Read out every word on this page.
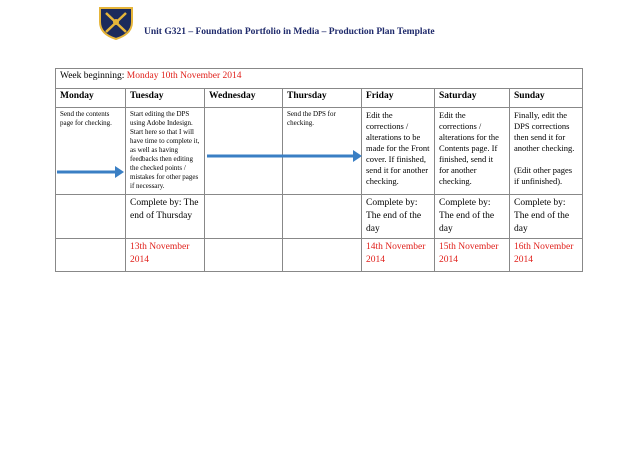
Unit G321 – Foundation Portfolio in Media – Production Plan Template
Week beginning: Monday 10th November 2014						
Monday	Tuesday	Wednesday	Thursday	Friday	Saturday	Sunday
Send the contents page for checking.	Start editing the DPS using Adobe Indesign. Start here so that I will have time to complete it, as well as having feedbacks then editing the checked points / mistakes for other pages if necessary.		Send the DPS for checking.	Edit the corrections / alterations to be made for the Front cover. If finished, send it for another checking.	Edit the corrections / alterations for the Contents page. If finished, send it for another checking.	Finally, edit the DPS corrections then send it for another checking.
(Edit other pages if unfinished).

	Complete by: The end of Thursday			Complete by: The end of the day	Complete by: The end of the day	Complete by: The end of the day
	13th November 2014			14th November 2014	15th November 2014	16th November 2014
